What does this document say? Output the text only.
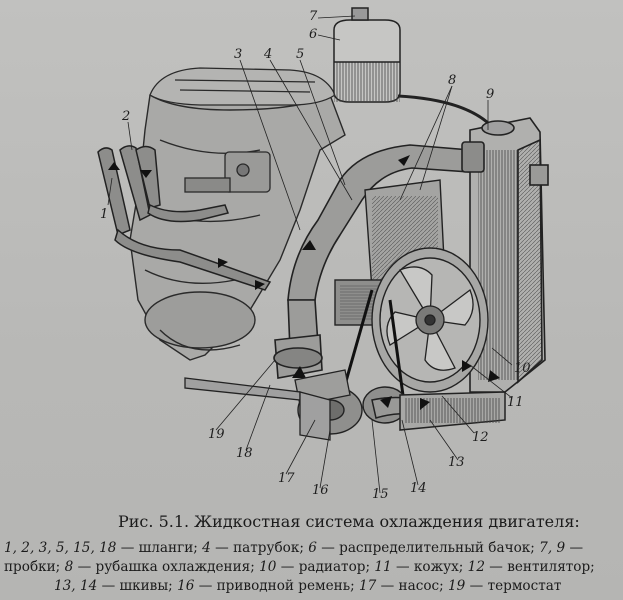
1
2
3 4 5
6
7
8
9
10
11
12
13
14
15
16
17
18
19
Рис. 5.1. Жидкостная система охлаждения двигателя:
1, 2, 3, 5, 15, 18 — шланги; 4 — патрубок; 6 — распределительный бачок; 7, 9 —
пробки; 8 — рубашка охлаждения; 10 — радиатор; 11 — кожух; 12 — вентилятор;
13, 14 — шкивы; 16 — приводной ремень; 17 — насос; 19 — термостат
